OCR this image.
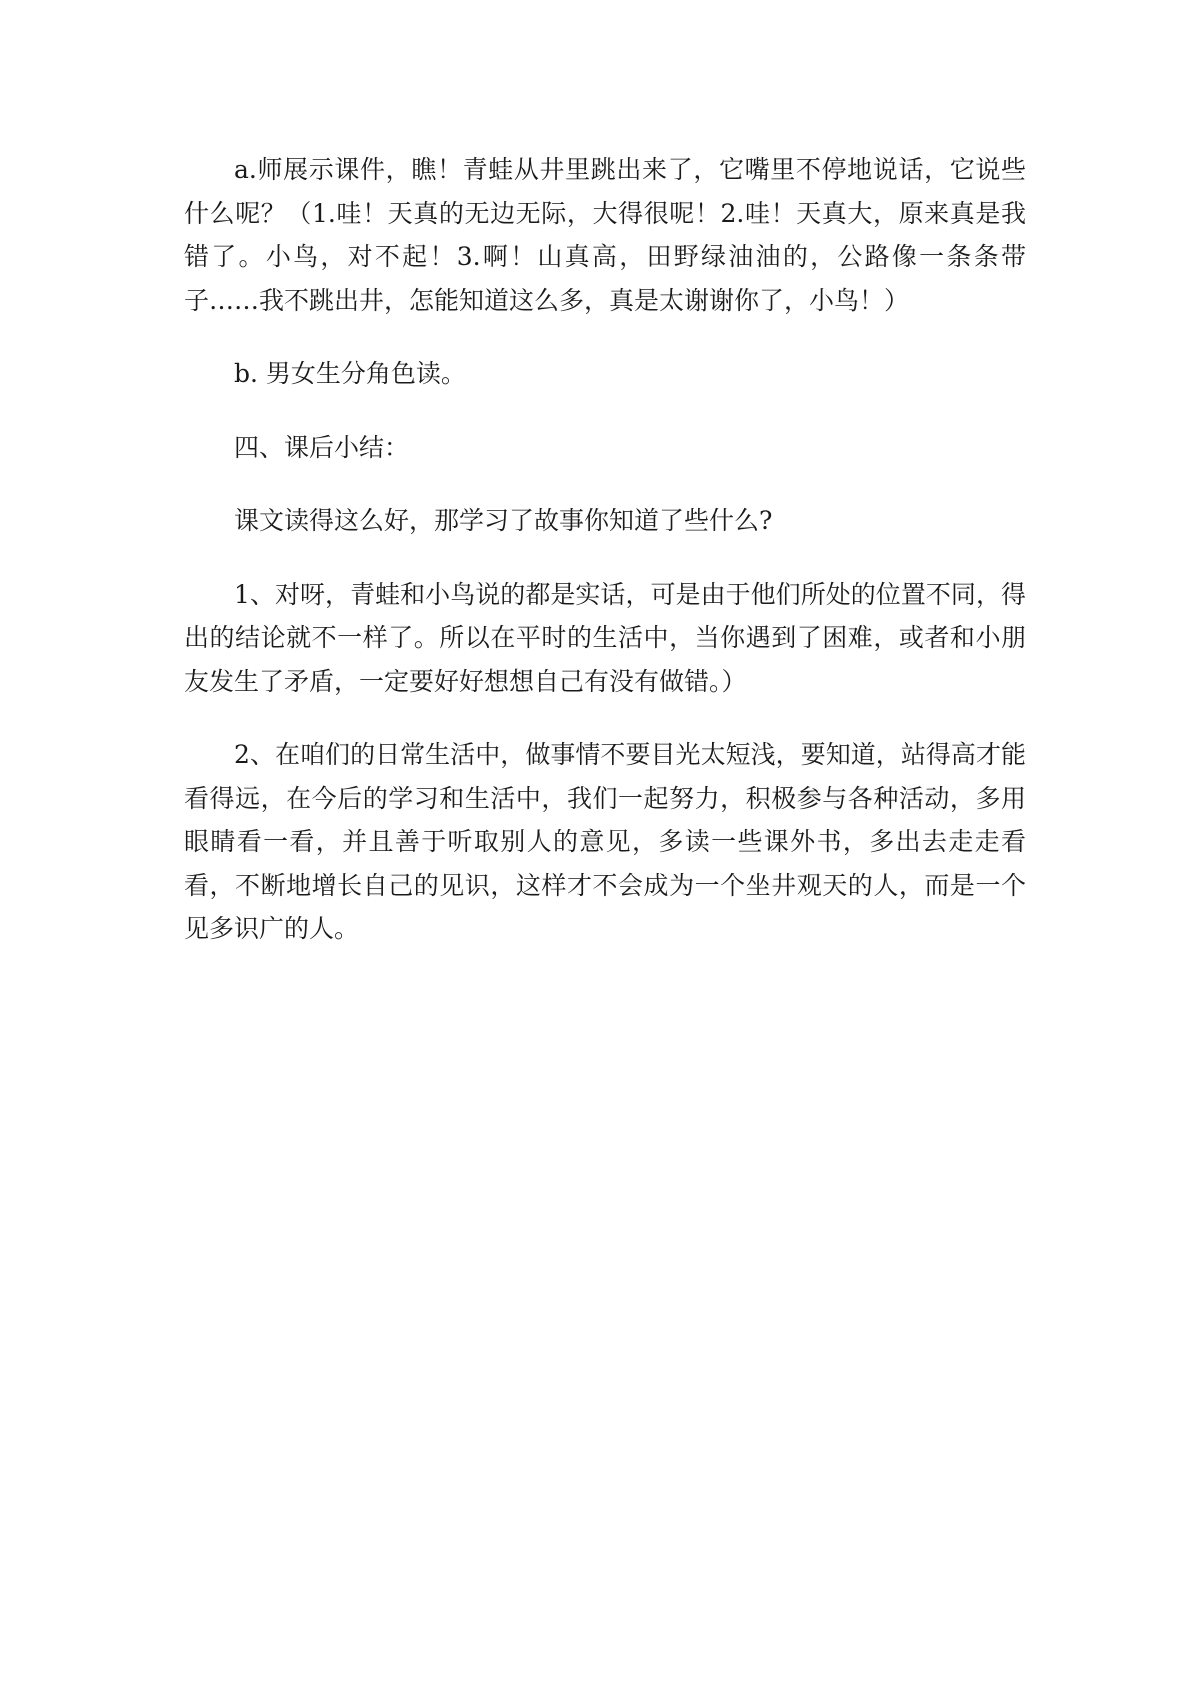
a.师展示课件，瞧！青蛙从井里跳出来了，它嘴里不停地说话，它说些什么呢？（1.哇！天真的无边无际，大得很呢！2.哇！天真大，原来真是我错了。小鸟，对不起！3.啊！山真高，田野绿油油的，公路像一条条带子……我不跳出井，怎能知道这么多，真是太谢谢你了，小鸟！）

b. 男女生分角色读。

四、课后小结：

课文读得这么好，那学习了故事你知道了些什么?

1、对呀，青蛙和小鸟说的都是实话，可是由于他们所处的位置不同，得出的结论就不一样了。所以在平时的生活中，当你遇到了困难，或者和小朋友发生了矛盾，一定要好好想想自己有没有做错。）

2、在咱们的日常生活中，做事情不要目光太短浅，要知道，站得高才能看得远，在今后的学习和生活中，我们一起努力，积极参与各种活动，多用眼睛看一看，并且善于听取别人的意见，多读一些课外书，多出去走走看看，不断地增长自己的见识，这样才不会成为一个坐井观天的人，而是一个见多识广的人。
